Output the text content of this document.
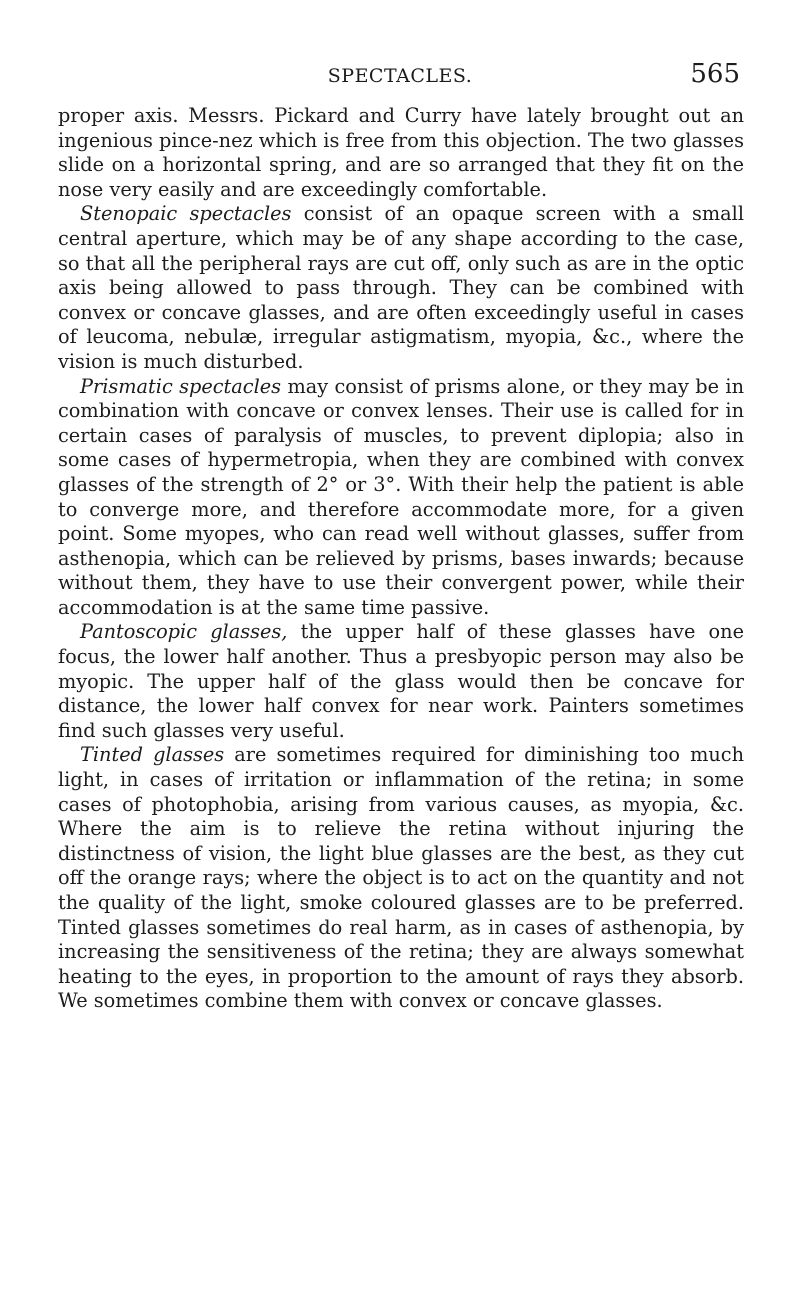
SPECTACLES.	565

proper axis. Messrs. Pickard and Curry have lately brought out an ingenious pince-nez which is free from this objection. The two glasses slide on a horizontal spring, and are so arranged that they fit on the nose very easily and are exceedingly comfortable.

Stenopaic spectacles consist of an opaque screen with a small central aperture, which may be of any shape according to the case, so that all the peripheral rays are cut off, only such as are in the optic axis being allowed to pass through. They can be combined with convex or concave glasses, and are often exceedingly useful in cases of leucoma, nebulæ, irregular astigmatism, myopia, &c., where the vision is much disturbed.

Prismatic spectacles may consist of prisms alone, or they may be in combination with concave or convex lenses. Their use is called for in certain cases of paralysis of muscles, to prevent diplopia; also in some cases of hypermetropia, when they are combined with convex glasses of the strength of 2° or 3°. With their help the patient is able to converge more, and therefore accommodate more, for a given point. Some myopes, who can read well without glasses, suffer from asthenopia, which can be relieved by prisms, bases inwards; because without them, they have to use their convergent power, while their accommodation is at the same time passive.

Pantoscopic glasses, the upper half of these glasses have one focus, the lower half another. Thus a presbyopic person may also be myopic. The upper half of the glass would then be concave for distance, the lower half convex for near work. Painters sometimes find such glasses very useful.

Tinted glasses are sometimes required for diminishing too much light, in cases of irritation or inflammation of the retina; in some cases of photophobia, arising from various causes, as myopia, &c. Where the aim is to relieve the retina without injuring the distinctness of vision, the light blue glasses are the best, as they cut off the orange rays; where the object is to act on the quantity and not the quality of the light, smoke coloured glasses are to be preferred. Tinted glasses sometimes do real harm, as in cases of asthenopia, by increasing the sensitiveness of the retina; they are always somewhat heating to the eyes, in proportion to the amount of rays they absorb. We sometimes combine them with convex or concave glasses.
